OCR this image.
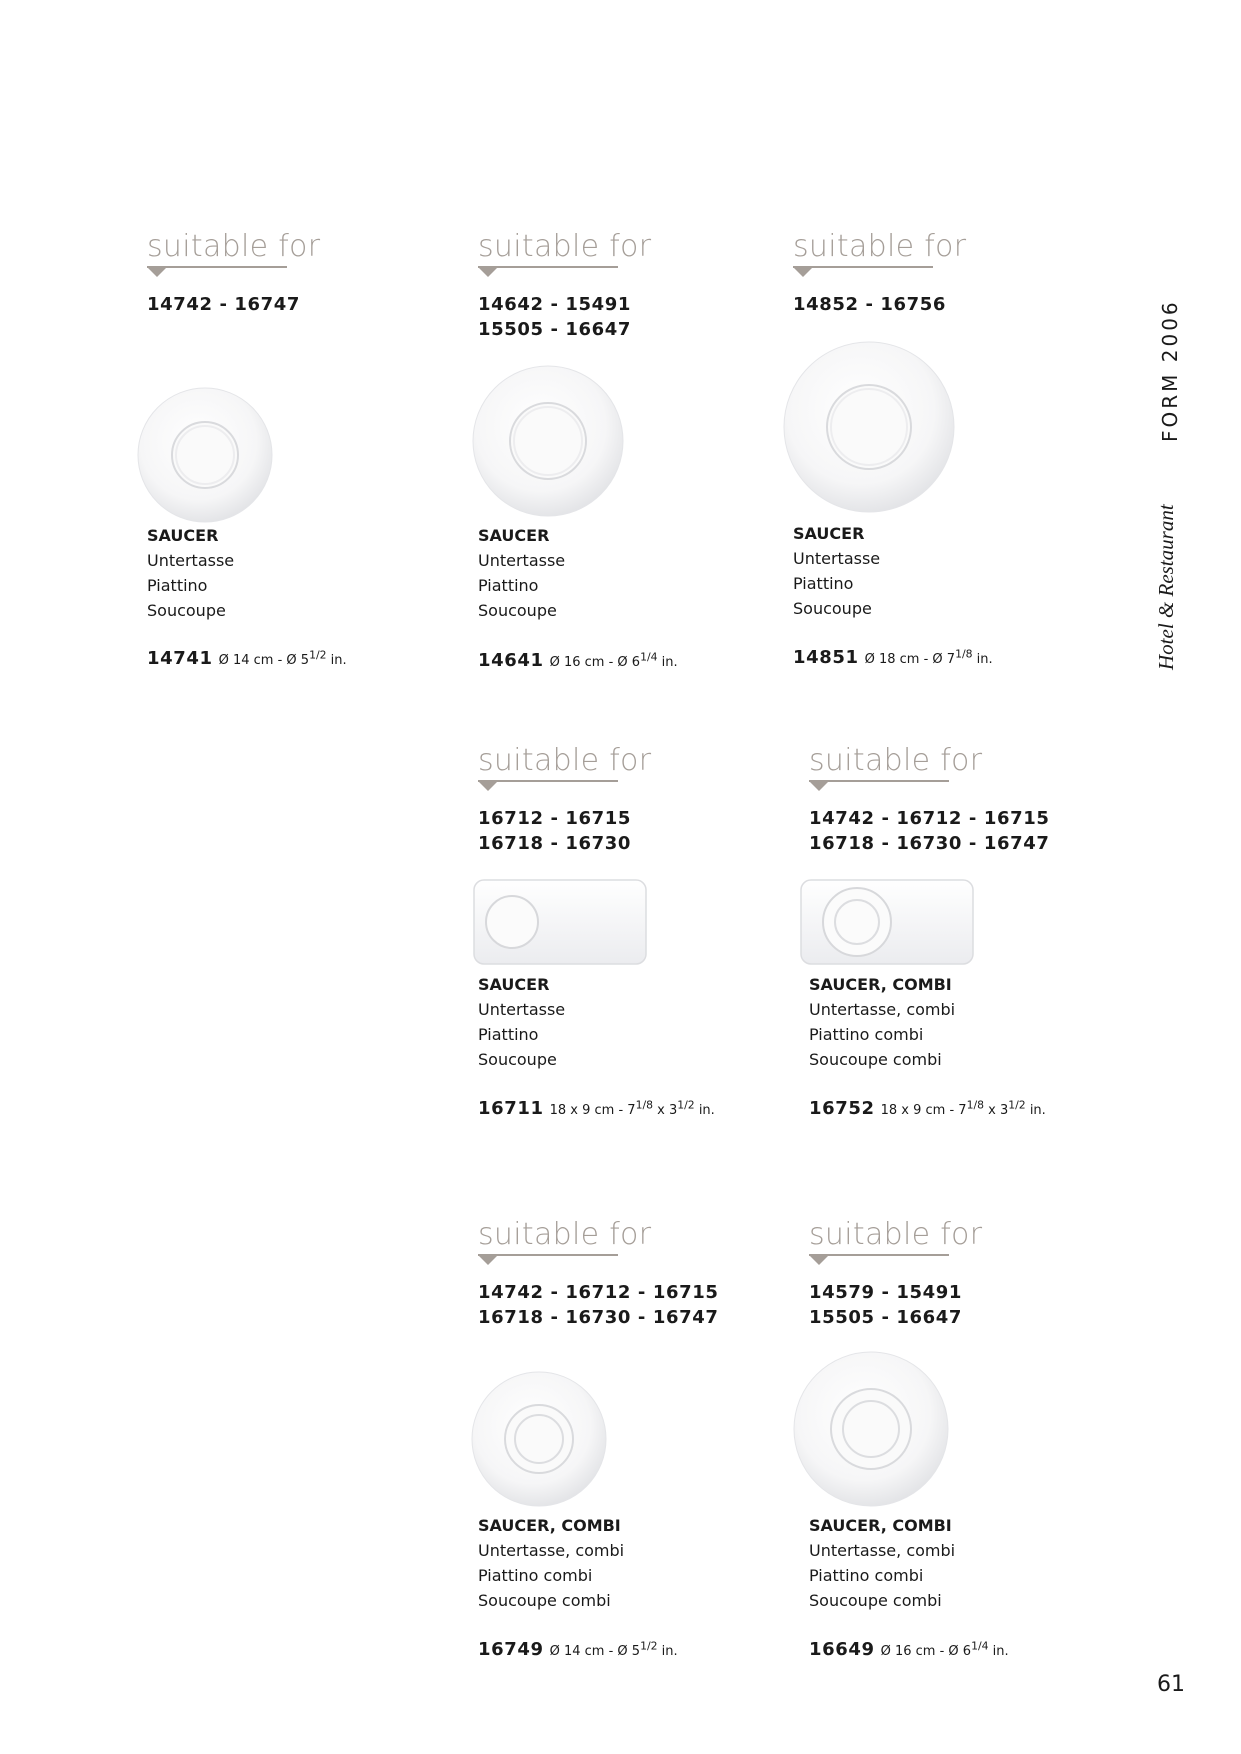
suitable for
14742 - 16747
SAUCER
Untertasse
Piattino
Soucoupe
14741 Ø 14 cm - Ø $5^{1/2}$ in.
suitable for
14642 - 15491
15505 - 16647
SAUCER
Untertasse
Piattino
Soucoupe
14641 Ø 16 cm - Ø $6^{1/4}$ in.
suitable for
14852 - 16756
SAUCER
Untertasse
Piattino
Soucoupe
14851 Ø 18 cm - Ø $7^{1/8}$ in.
suitable for
16712 - 16715
16718 - 16730
SAUCER
Untertasse
Piattino
Soucoupe
16711 18 x 9 cm - $7^{1/8}$ x $3^{1/2}$ in.
suitable for
14742 - 16712 - 16715
16718 - 16730 - 16747
SAUCER, COMBI
Untertasse, combi
Piattino combi
Soucoupe combi
16752 18 x 9 cm - $7^{1/8}$ x $3^{1/2}$ in.
suitable for
14742 - 16712 - 16715
16718 - 16730 - 16747
SAUCER, COMBI
Untertasse, combi
Piattino combi
Soucoupe combi
16749 Ø 14 cm - Ø $5^{1/2}$ in.
suitable for
14579 - 15491
15505 - 16647
SAUCER, COMBI
Untertasse, combi
Piattino combi
Soucoupe combi
16649 Ø 16 cm - Ø $6^{1/4}$ in.
FORM 2006
Hotel & Restaurant
61
